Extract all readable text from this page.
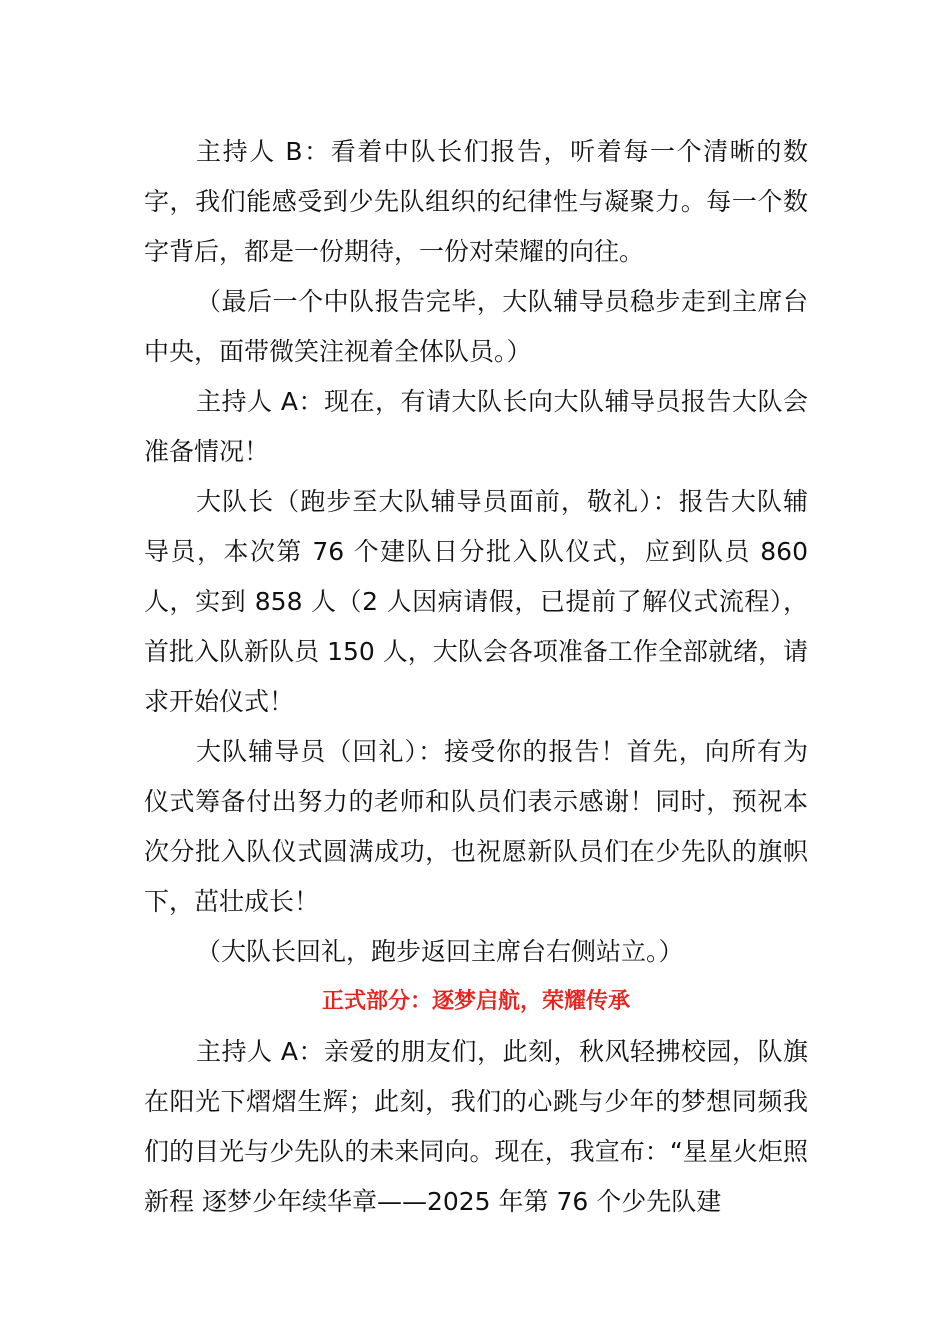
主持人 B：看着中队长们报告，听着每一个清晰的数字，我们能感受到少先队组织的纪律性与凝聚力。每一个数字背后，都是一份期待，一份对荣耀的向往。

（最后一个中队报告完毕，大队辅导员稳步走到主席台中央，面带微笑注视着全体队员。）

主持人 A：现在，有请大队长向大队辅导员报告大队会准备情况！

大队长（跑步至大队辅导员面前，敬礼）：报告大队辅导员，本次第 76 个建队日分批入队仪式，应到队员 860 人，实到 858 人（2 人因病请假，已提前了解仪式流程），首批入队新队员 150 人，大队会各项准备工作全部就绪，请求开始仪式！

大队辅导员（回礼）：接受你的报告！首先，向所有为仪式筹备付出努力的老师和队员们表示感谢！同时，预祝本次分批入队仪式圆满成功，也祝愿新队员们在少先队的旗帜下，茁壮成长！

（大队长回礼，跑步返回主席台右侧站立。）

正式部分：逐梦启航，荣耀传承

主持人 A：亲爱的朋友们，此刻，秋风轻拂校园，队旗在阳光下熠熠生辉；此刻，我们的心跳与少年的梦想同频我们的目光与少先队的未来同向。现在，我宣布：“星星火炬照新程 逐梦少年续华章——2025 年第 76 个少先队建
